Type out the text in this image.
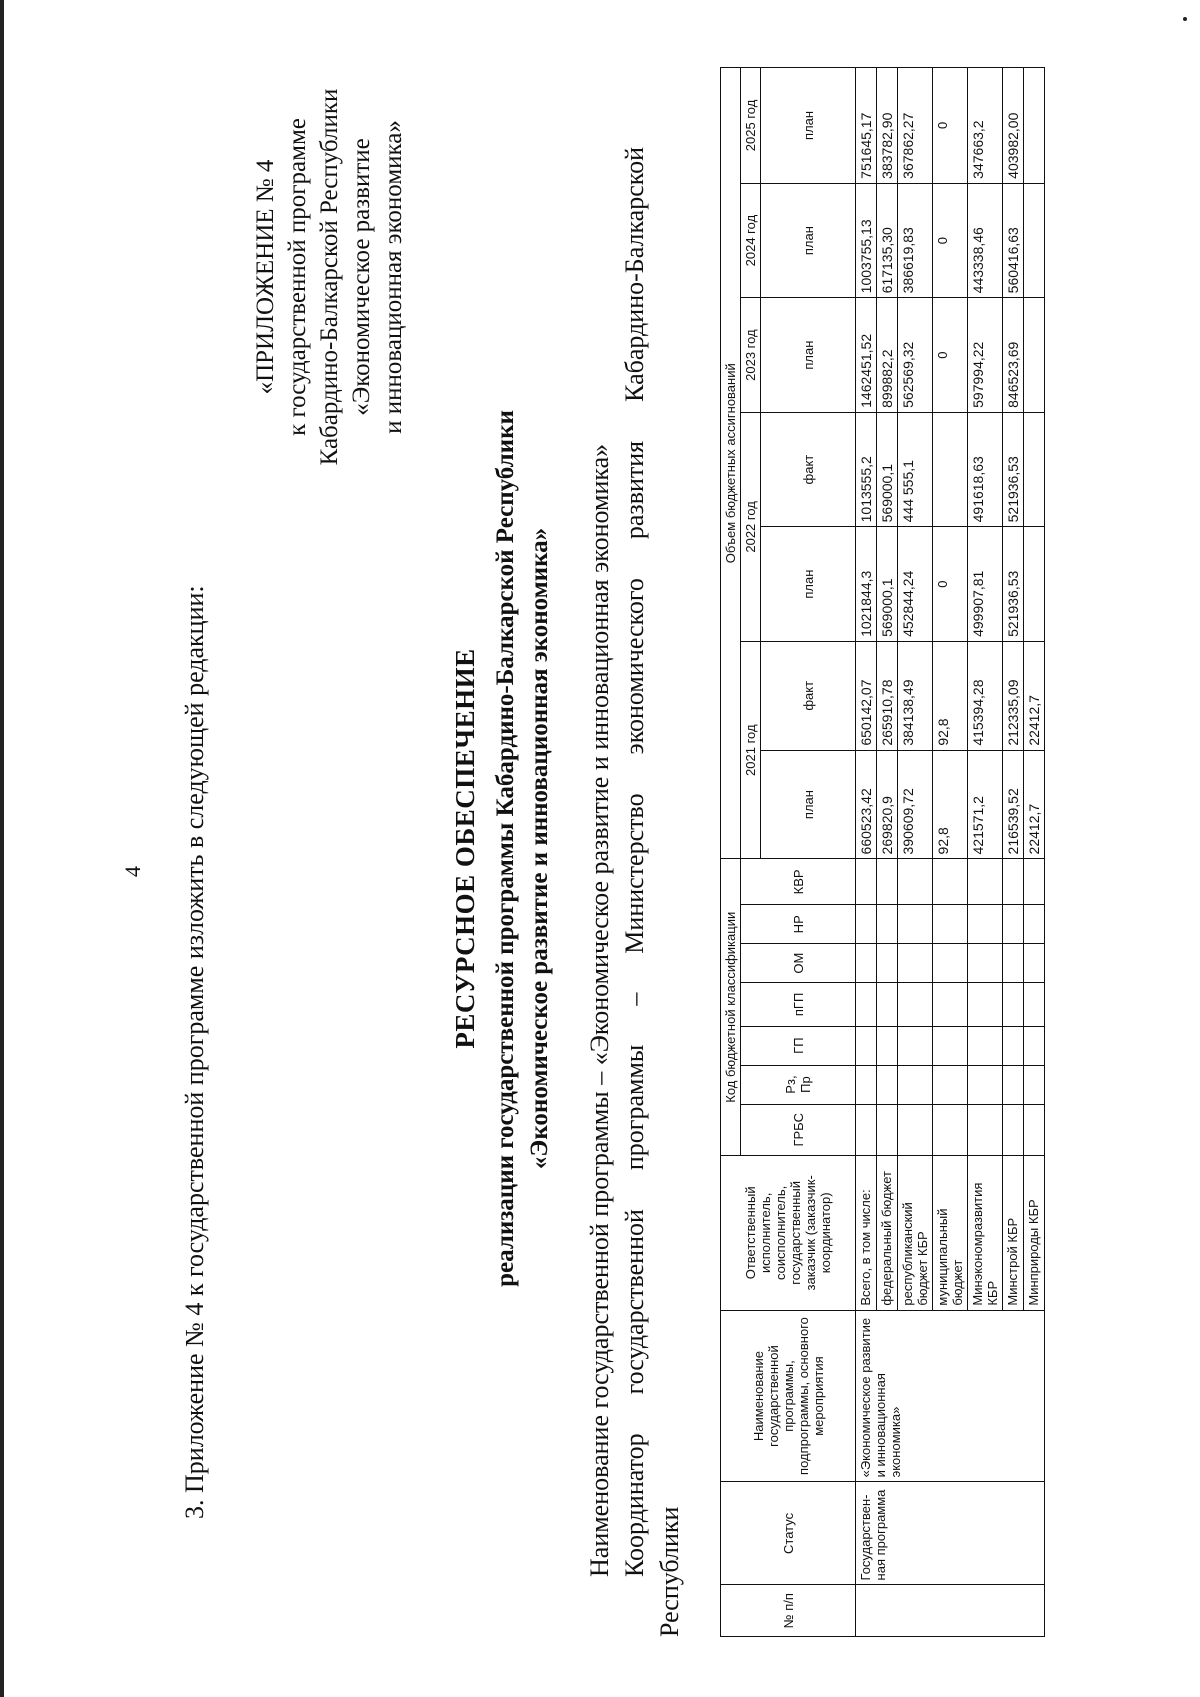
4 3. Приложение № 4 к государственной программе изложить в следующей редакции:
«ПРИЛОЖЕНИЕ № 4 к государственной программе Кабардино-Балкарской Республики «Экономическое развитие и инновационная экономика»
РЕСУРСНОЕ ОБЕСПЕЧЕНИЕ реализации государственной программы Кабардино-Балкарской Республики «Экономическое развитие и инновационная экономика» Наименование государственной программы – «Экономическое развитие и инновационная экономика» Координатор
государственной
программы
–
Министерство
экономического
развития
Кабардино-Балкарской
Республики	№ п/п	Статус	Наименование государственной программы, подпрограммы, основного мероприятия	Ответственный исполнитель, соисполнитель, государственный заказчик (заказчик-координатор)	Код бюджетной классификации							Объем бюджетных ассигнований						
				ГРБС	Рз, Пр	ГП	пГП	ОМ	НР	КВР	2021 год		2022 год		2023 год	2024 год	2025 год
											план	факт	план	факт	план	план	план
	Государствен-ная программа	«Экономическое развитие и инновационная экономика»	Всего, в том числе:								660523,42	650142,07	1021844,3	1013555,2	1462451,52	1003755,13	751645,17
			федеральный бюджет								269820,9	265910,78	569000,1	569000,1	899882,2	617135,30	383782,90
			республиканский бюджет КБР								390609,72	384138,49	452844,24	444 555,1	562569,32	386619,83	367862,27
			муниципальный бюджет								92,8	92,8	0		0	0	0
			Минэкономразвития КБР								421571,2	415394,28	499907,81	491618,63	597994,22	443338,46	347663,2
			Минстрой КБР								216539,52	212335,09	521936,53	521936,53	846523,69	560416,63	403982,00
			Минприроды КБР								22412,7	22412,7					
